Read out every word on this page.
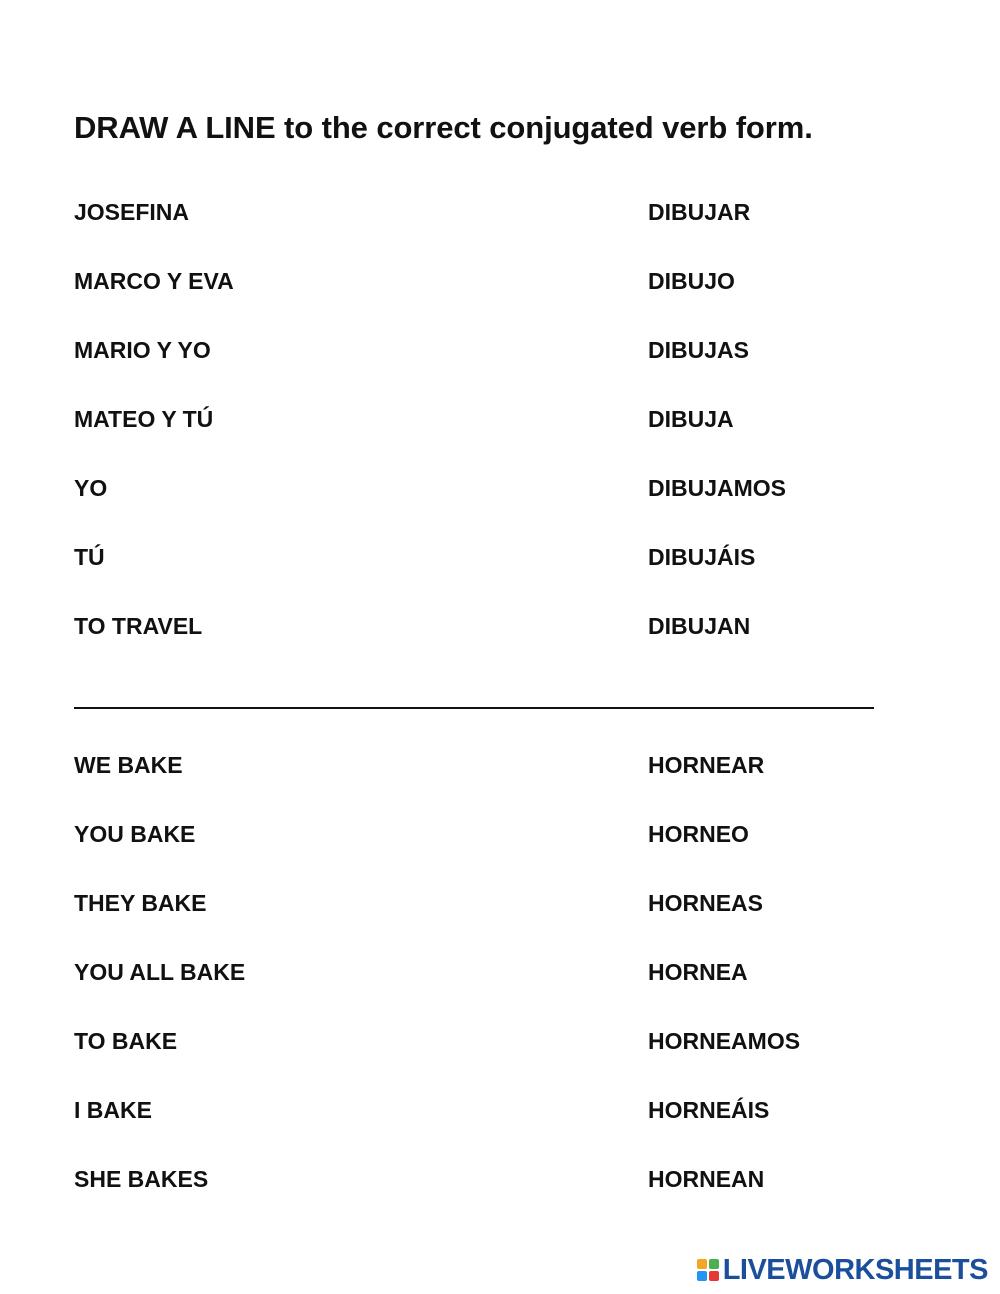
DRAW A LINE to the correct conjugated verb form.
JOSEFINA
MARCO Y EVA
MARIO Y YO
MATEO Y TÚ
YO
TÚ
TO TRAVEL
DIBUJAR
DIBUJO
DIBUJAS
DIBUJA
DIBUJAMOS
DIBUJÁIS
DIBUJAN
WE BAKE
YOU BAKE
THEY BAKE
YOU ALL BAKE
TO BAKE
I BAKE
SHE BAKES
HORNEAR
HORNEO
HORNEAS
HORNEA
HORNEAMOS
HORNEÁIS
HORNEAN
LIVEWORKSHEETS
